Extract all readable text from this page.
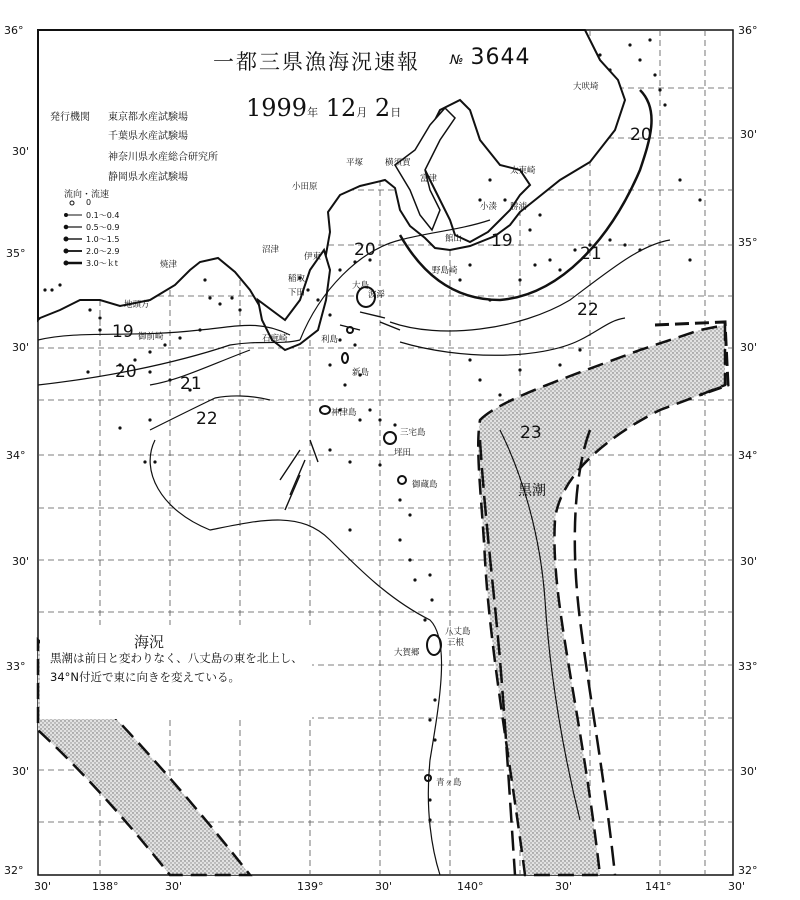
一都三県漁海況速報 № 3644
1999年 12月 2日
発行機関 東京都水産試験場
千葉県水産試験場
神奈川県水産総合研究所
静岡県水産試験場
流向・流速
0
0.1〜0.4
0.5〜0.9
1.0〜1.5
2.0〜2.9
3.0〜ｋt
19
20
21
22
20	21
22
20
19
23
黒潮
大吠埼
平塚	横須賀
富津
太東崎
小田原
小湊 勝浦
沼津
伊東
大島
野島崎
館山
稲取
下田
焼津
御前崎
地頭方
石廊崎	利島
新島
神津島
三宅島
御蔵島
八丈島
青ヶ島
波浮
坪田
三根
大賀郷
海況
黒潮は前日と変わりなく、八丈島の東を北上し、34°N付近で東に向きを変えている。
36°
30'
35°
30'
34°
30'
33°
30'
32°
36°
30'
35°
30'
34°
30'
33°
30'
32°
30'	138°	30'	139°	30'	140°	30'	141°	30'
